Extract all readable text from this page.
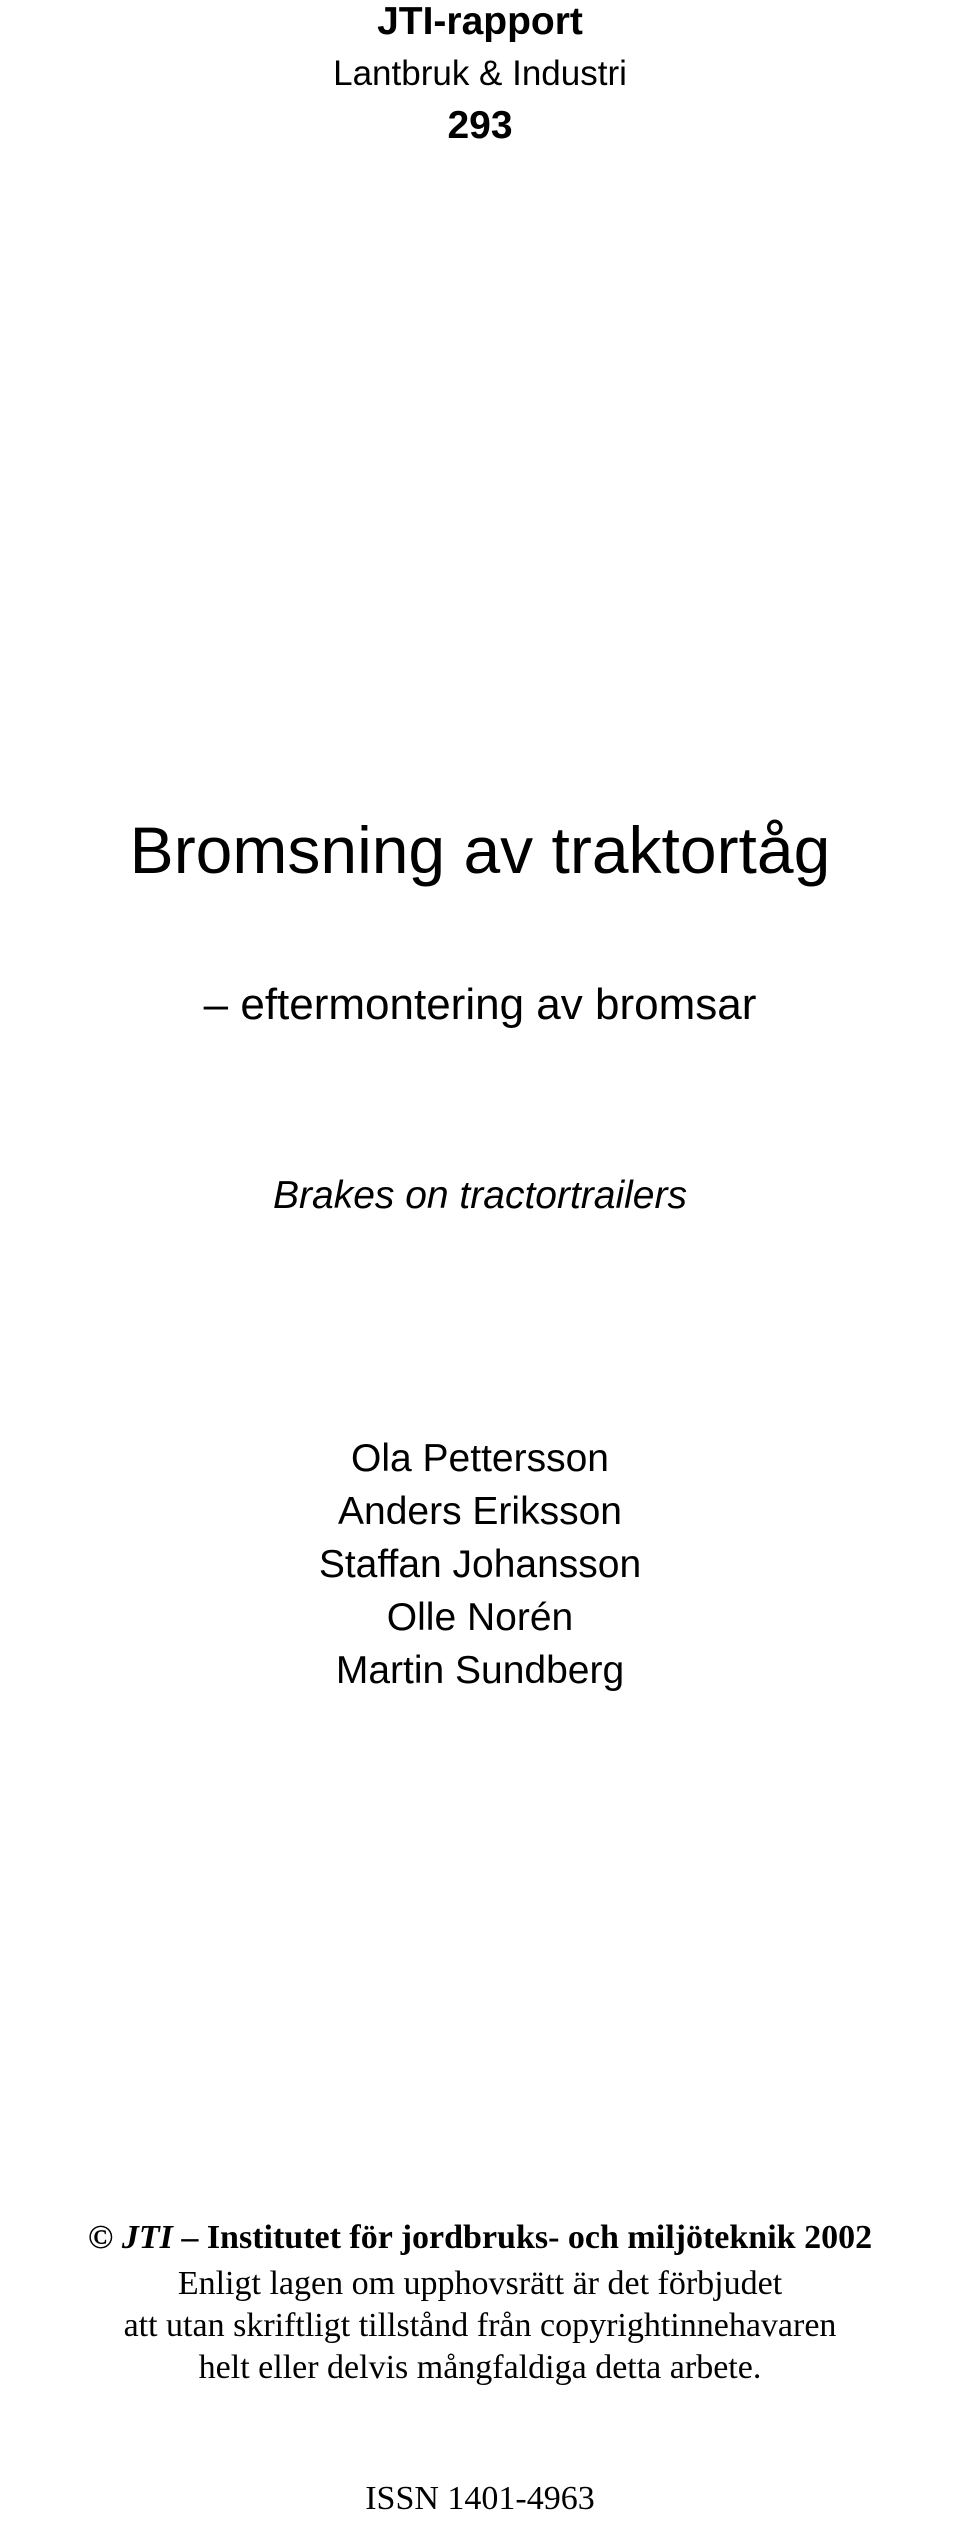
JTI-rapport
Lantbruk & Industri
293
Bromsning av traktortåg
– eftermontering av bromsar
Brakes on tractortrailers
Ola Pettersson
Anders Eriksson
Staffan Johansson
Olle Norén
Martin Sundberg
© JTI – Institutet för jordbruks- och miljöteknik 2002
Enligt lagen om upphovsrätt är det förbjudet
att utan skriftligt tillstånd från copyrightinnehavaren
helt eller delvis mångfaldiga detta arbete.
ISSN 1401-4963
